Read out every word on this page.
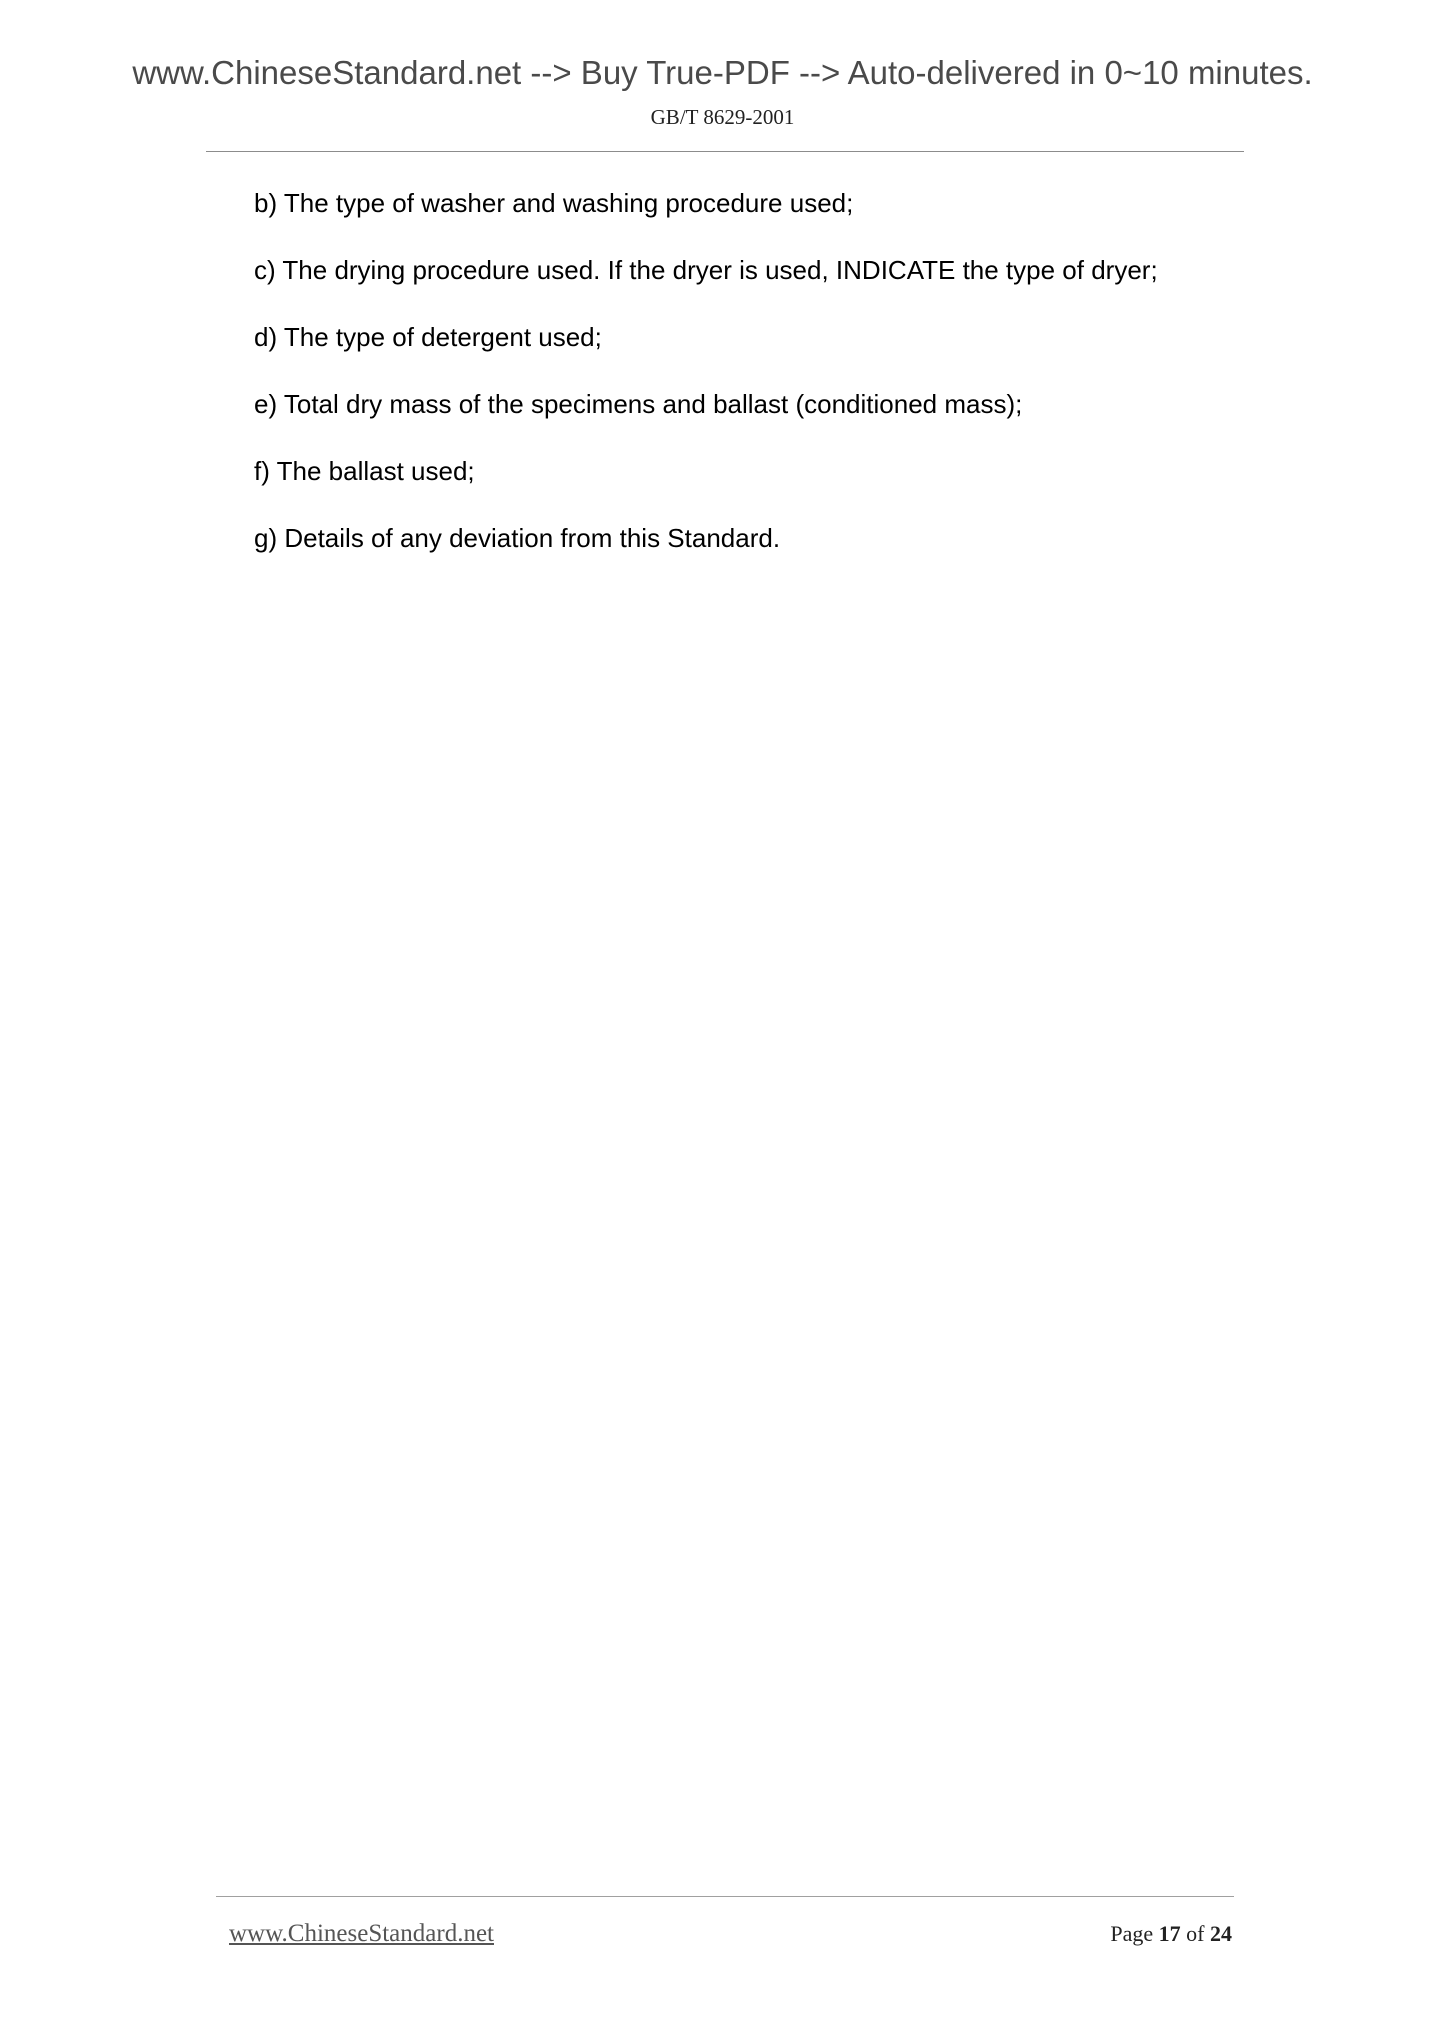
www.ChineseStandard.net --> Buy True-PDF --> Auto-delivered in 0~10 minutes.
GB/T 8629-2001
b) The type of washer and washing procedure used;
c) The drying procedure used. If the dryer is used, INDICATE the type of dryer;
d) The type of detergent used;
e) Total dry mass of the specimens and ballast (conditioned mass);
f) The ballast used;
g) Details of any deviation from this Standard.
www.ChineseStandard.net	Page 17 of 24
